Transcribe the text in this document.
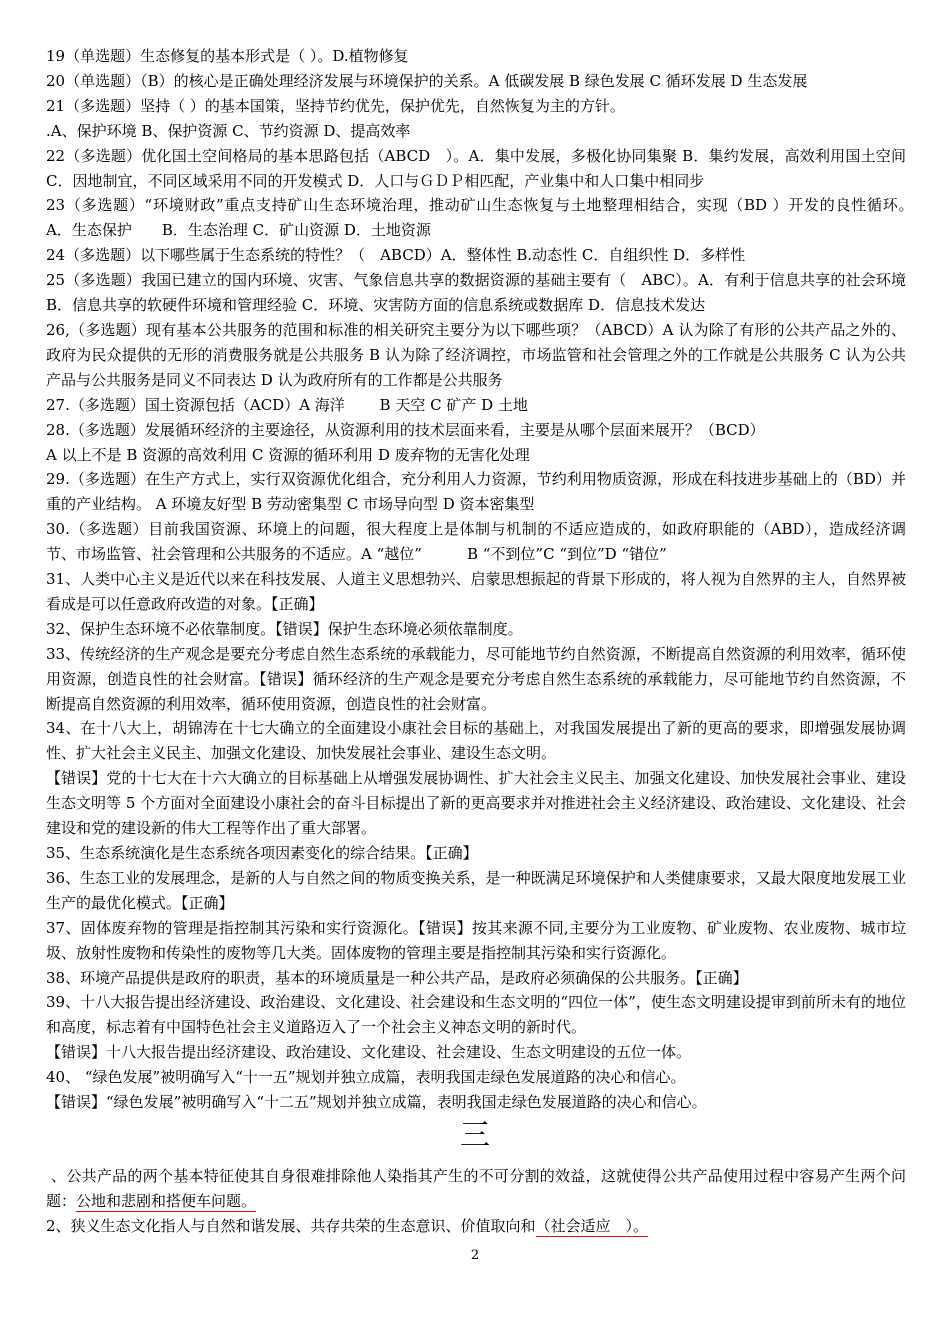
19（单选题）生态修复的基本形式是（ ）。D.植物修复

20（单选题）（B）的核心是正确处理经济发展与环境保护的关系。A 低碳发展 B 绿色发展 C 循环发展 D 生态发展

21（多选题）坚持（ ）的基本国策，坚持节约优先，保护优先，自然恢复为主的方针。

.A、保护环境 B、保护资源 C、节约资源 D、提高效率

22（多选题）优化国土空间格局的基本思路包括（ABCD　）。A．集中发展，多极化协同集聚 B．集约发展，高效利用国土空间 C．因地制宜，不同区域采用不同的开发模式 D．人口与ＧＤＰ相匹配，产业集中和人口集中相同步

23（多选题）“环境财政”重点支持矿山生态环境治理，推动矿山生态恢复与土地整理相结合，实现（BD ）开发的良性循环。　A．生态保护　　B．生态治理 C．矿山资源 D．土地资源

24（多选题）以下哪些属于生态系统的特性？（　ABCD）A．整体性 B.动态性 C．自组织性 D．多样性

25（多选题）我国已建立的国内环境、灾害、气象信息共享的数据资源的基础主要有（　ABC）。A．有利于信息共享的社会环境　 B．信息共享的软硬件环境和管理经验 C．环境、灾害防方面的信息系统或数据库 D．信息技术发达

26,（多选题）现有基本公共服务的范围和标准的相关研究主要分为以下哪些项？（ABCD）A 认为除了有形的公共产品之外的、政府为民众提供的无形的消费服务就是公共服务 B 认为除了经济调控，市场监管和社会管理之外的工作就是公共服务 C 认为公共产品与公共服务是同义不同表达 D 认为政府所有的工作都是公共服务

27.（多选题）国土资源包括（ACD）A 海洋　　 B 天空 C 矿产 D 土地

28.（多选题）发展循环经济的主要途径，从资源利用的技术层面来看，主要是从哪个层面来展开？（BCD）

A 以上不是 B 资源的高效利用 C 资源的循环利用 D 废弃物的无害化处理

29.（多选题）在生产方式上，实行双资源优化组合，充分利用人力资源，节约利用物质资源，形成在科技进步基础上的（BD）并重的产业结构。 A 环境友好型 B 劳动密集型 C 市场导向型 D 资本密集型

30.（多选题）目前我国资源、环境上的问题，很大程度上是体制与机制的不适应造成的，如政府职能的（ABD），造成经济调节、市场监管、社会管理和公共服务的不适应。A “越位”　　　B “不到位”C “到位”D “错位”

31、人类中心主义是近代以来在科技发展、人道主义思想勃兴、启蒙思想振起的背景下形成的，将人视为自然界的主人，自然界被看成是可以任意政府改造的对象。【正确】

32、保护生态环境不必依靠制度。【错误】保护生态环境必须依靠制度。

33、传统经济的生产观念是要充分考虑自然生态系统的承载能力，尽可能地节约自然资源，不断提高自然资源的利用效率，循环使用资源，创造良性的社会财富。【错误】循环经济的生产观念是要充分考虑自然生态系统的承载能力，尽可能地节约自然资源，不断提高自然资源的利用效率，循环使用资源，创造良性的社会财富。

34、在十八大上，胡锦涛在十七大确立的全面建设小康社会目标的基础上，对我国发展提出了新的更高的要求，即增强发展协调性、扩大社会主义民主、加强文化建设、加快发展社会事业、建设生态文明。

【错误】党的十七大在十六大确立的目标基础上从增强发展协调性、扩大社会主义民主、加强文化建设、加快发展社会事业、建设生态文明等 5 个方面对全面建设小康社会的奋斗目标提出了新的更高要求并对推进社会主义经济建设、政治建设、文化建设、社会建设和党的建设新的伟大工程等作出了重大部署。

35、生态系统演化是生态系统各项因素变化的综合结果。【正确】

36、生态工业的发展理念，是新的人与自然之间的物质变换关系，是一种既满足环境保护和人类健康要求，又最大限度地发展工业生产的最优化模式。【正确】

37、固体废弃物的管理是指控制其污染和实行资源化。【错误】按其来源不同,主要分为工业废物、矿业废物、农业废物、城市垃圾、放射性废物和传染性的废物等几大类。固体废物的管理主要是指控制其污染和实行资源化。

38、环境产品提供是政府的职责，基本的环境质量是一种公共产品，是政府必须确保的公共服务。【正确】

39、十八大报告提出经济建设、政治建设、文化建设、社会建设和生态文明的“四位一体”，使生态文明建设提审到前所未有的地位和高度，标志着有中国特色社会主义道路迈入了一个社会主义神态文明的新时代。

【错误】十八大报告提出经济建设、政治建设、文化建设、社会建设、生态文明建设的五位一体。

40、 “绿色发展”被明确写入“十一五”规划并独立成篇，表明我国走绿色发展道路的决心和信心。

【错误】“绿色发展”被明确写入“十二五”规划并独立成篇，表明我国走绿色发展道路的决心和信心。

三

、公共产品的两个基本特征使其自身很难排除他人染指其产生的不可分割的效益，这就使得公共产品使用过程中容易产生两个问题：公地和悲剧和搭便车问题。

2、狭义生态文化指人与自然和谐发展、共存共荣的生态意识、价值取向和（社会适应　）。

2
